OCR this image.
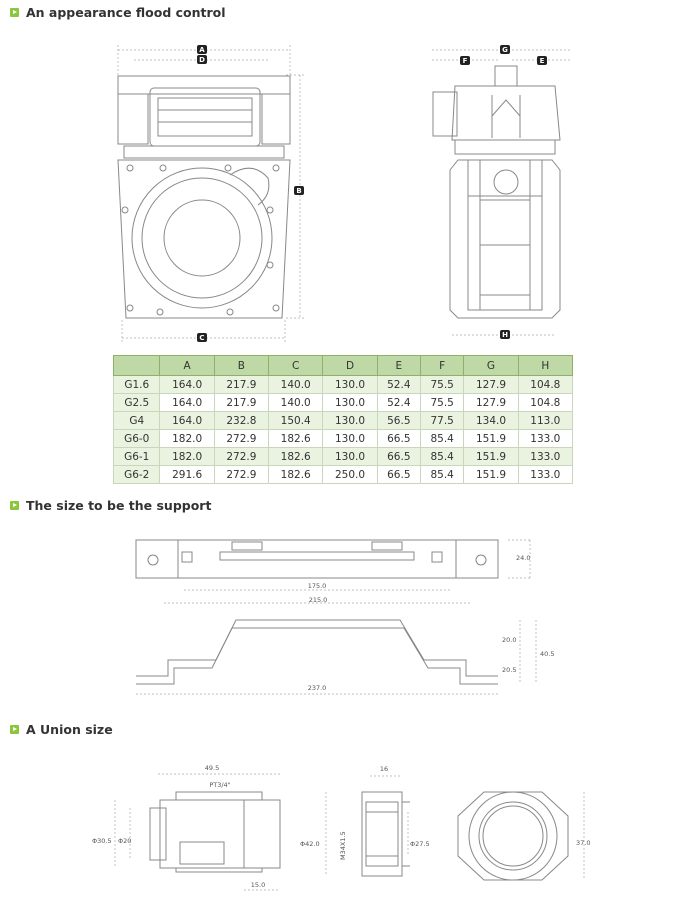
An appearance flood control
The size to be the support
A Union size
A
D
B
C
G
F	E
H
	A	B	C	D	E	F	G	H
G1.6	164.0	217.9	140.0	130.0	52.4	75.5	127.9	104.8
G2.5	164.0	217.9	140.0	130.0	52.4	75.5	127.9	104.8
G4	164.0	232.8	150.4	130.0	56.5	77.5	134.0	113.0
G6-0	182.0	272.9	182.6	130.0	66.5	85.4	151.9	133.0
G6-1	182.0	272.9	182.6	130.0	66.5	85.4	151.9	133.0
G6-2	291.6	272.9	182.6	250.0	66.5	85.4	151.9	133.0
175.0
215.0
24.0
237.0
20.0
40.5
20.5
49.5
PT3/4"
Φ30.5 Φ20
15.0
16
Φ42.0	M34X1.5	Φ27.5	37.0
